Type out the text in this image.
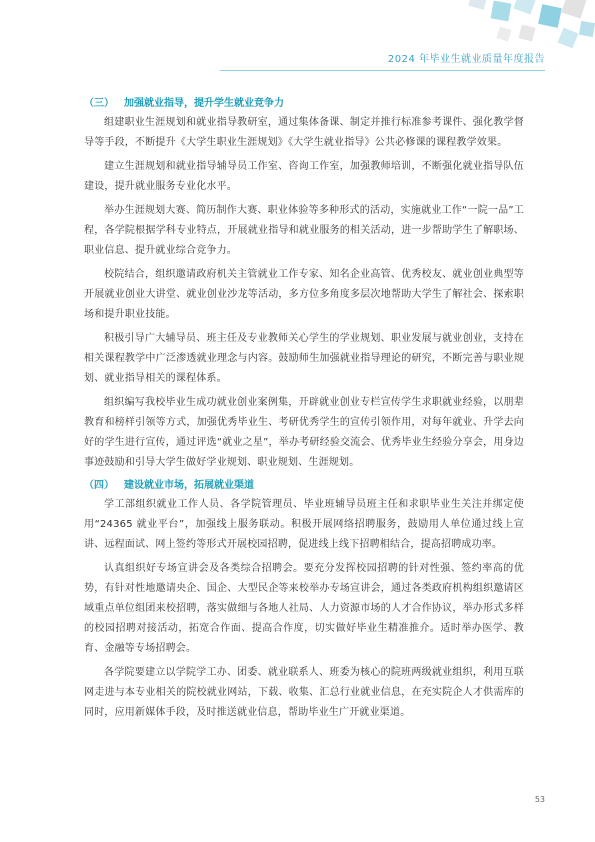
2024 年毕业生就业质量年度报告
（三） 加强就业指导，提升学生就业竞争力

组建职业生涯规划和就业指导教研室，通过集体备课、制定并推行标准参考课件、强化教学督导等手段，不断提升《大学生职业生涯规划》《大学生就业指导》公共必修课的课程教学效果。

建立生涯规划和就业指导辅导员工作室、咨询工作室，加强教师培训，不断强化就业指导队伍建设，提升就业服务专业化水平。

举办生涯规划大赛、简历制作大赛、职业体验等多种形式的活动，实施就业工作“一院一品”工程，各学院根据学科专业特点，开展就业指导和就业服务的相关活动，进一步帮助学生了解职场、职业信息、提升就业综合竞争力。

校院结合，组织邀请政府机关主管就业工作专家、知名企业高管、优秀校友、就业创业典型等开展就业创业大讲堂、就业创业沙龙等活动，多方位多角度多层次地帮助大学生了解社会、探索职场和提升职业技能。

积极引导广大辅导员、班主任及专业教师关心学生的学业规划、职业发展与就业创业，支持在相关课程教学中广泛渗透就业理念与内容。鼓励师生加强就业指导理论的研究，不断完善与职业规划、就业指导相关的课程体系。

组织编写我校毕业生成功就业创业案例集，开辟就业创业专栏宣传学生求职就业经验，以朋辈教育和榜样引领等方式，加强优秀毕业生、考研优秀学生的宣传引领作用，对每年就业、升学去向好的学生进行宣传，通过评选“就业之星”，举办考研经验交流会、优秀毕业生经验分享会，用身边事迹鼓励和引导大学生做好学业规划、职业规划、生涯规划。

（四） 建设就业市场，拓展就业渠道

学工部组织就业工作人员、各学院管理员、毕业班辅导员班主任和求职毕业生关注并绑定使用“24365 就业平台”，加强线上服务联动。积极开展网络招聘服务，鼓励用人单位通过线上宣讲、远程面试、网上签约等形式开展校园招聘，促进线上线下招聘相结合，提高招聘成功率。

认真组织好专场宣讲会及各类综合招聘会。要充分发挥校园招聘的针对性强、签约率高的优势，有针对性地邀请央企、国企、大型民企等来校举办专场宣讲会，通过各类政府机构组织邀请区域重点单位组团来校招聘，落实做细与各地人社局、人力资源市场的人才合作协议，举办形式多样的校园招聘对接活动，拓宽合作面、提高合作度，切实做好毕业生精准推介。适时举办医学、教育、金融等专场招聘会。

各学院要建立以学院学工办、团委、就业联系人、班委为核心的院班两级就业组织，利用互联网走进与本专业相关的院校就业网站，下载、收集、汇总行业就业信息，在充实院企人才供需库的同时，应用新媒体手段，及时推送就业信息，帮助毕业生广开就业渠道。

53
